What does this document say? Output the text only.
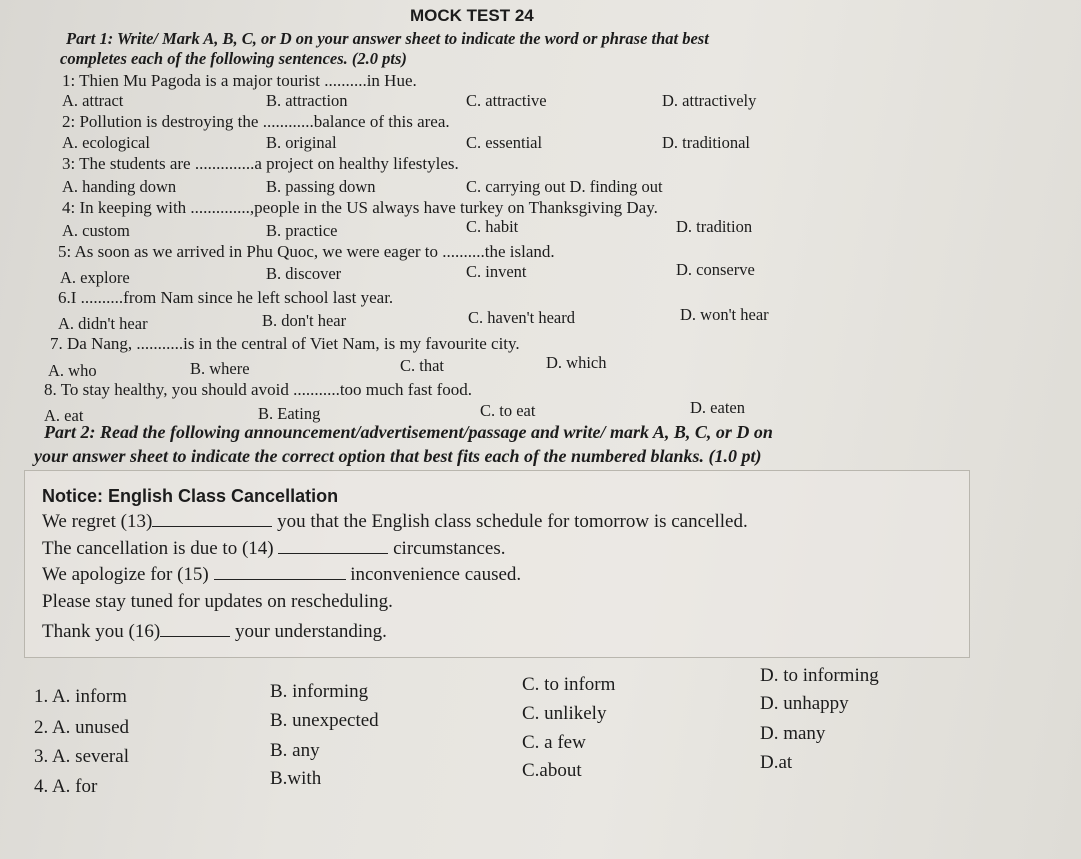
MOCK TEST 24
Part 1: Write/ Mark A, B, C, or D on your answer sheet to indicate the word or phrase that best
completes each of the following sentences. (2.0 pts)
1: Thien Mu Pagoda is a major tourist ..........in Hue.
A. attract	B. attraction	C. attractive	D. attractively
2: Pollution is destroying the ............balance of this area.
A. ecological	B. original	C. essential	D. traditional
3: The students are ..............a project on healthy lifestyles.
A. handing down	B. passing down	C. carrying out D. finding out
4: In keeping with ..............,people in the US always have turkey on Thanksgiving Day.
A. custom	B. practice	C. habit	D. tradition
5: As soon as we arrived in Phu Quoc, we were eager to ..........the island.
A. explore	B. discover	C. invent	D. conserve
6.I ..........from Nam since he left school last year.
A. didn't hear	B. don't hear	C. haven't heard	D. won't hear
7. Da Nang, ...........is in the central of Viet Nam, is my favourite city.
A. who	B. where	C. that	D. which
8. To stay healthy, you should avoid ...........too much fast food.
A. eat	B. Eating	C. to eat	D. eaten
Part 2: Read the following announcement/advertisement/passage and write/ mark A, B, C, or D on
your answer sheet to indicate the correct option that best fits each of the numbered blanks. (1.0 pt)
Notice: English Class Cancellation
We regret (13)	you that the English class schedule for tomorrow is cancelled.
The cancellation is due to (14)	circumstances.
We apologize for (15)	inconvenience caused.
Please stay tuned for updates on rescheduling.
Thank you (16)	your understanding.
1. A. inform	B. informing	C. to inform	D. to informing
2. A. unused	B. unexpected	C. unlikely	D. unhappy
3. A. several	B. any	C. a few	D. many
4. A. for	B.with	C.about	D.at
